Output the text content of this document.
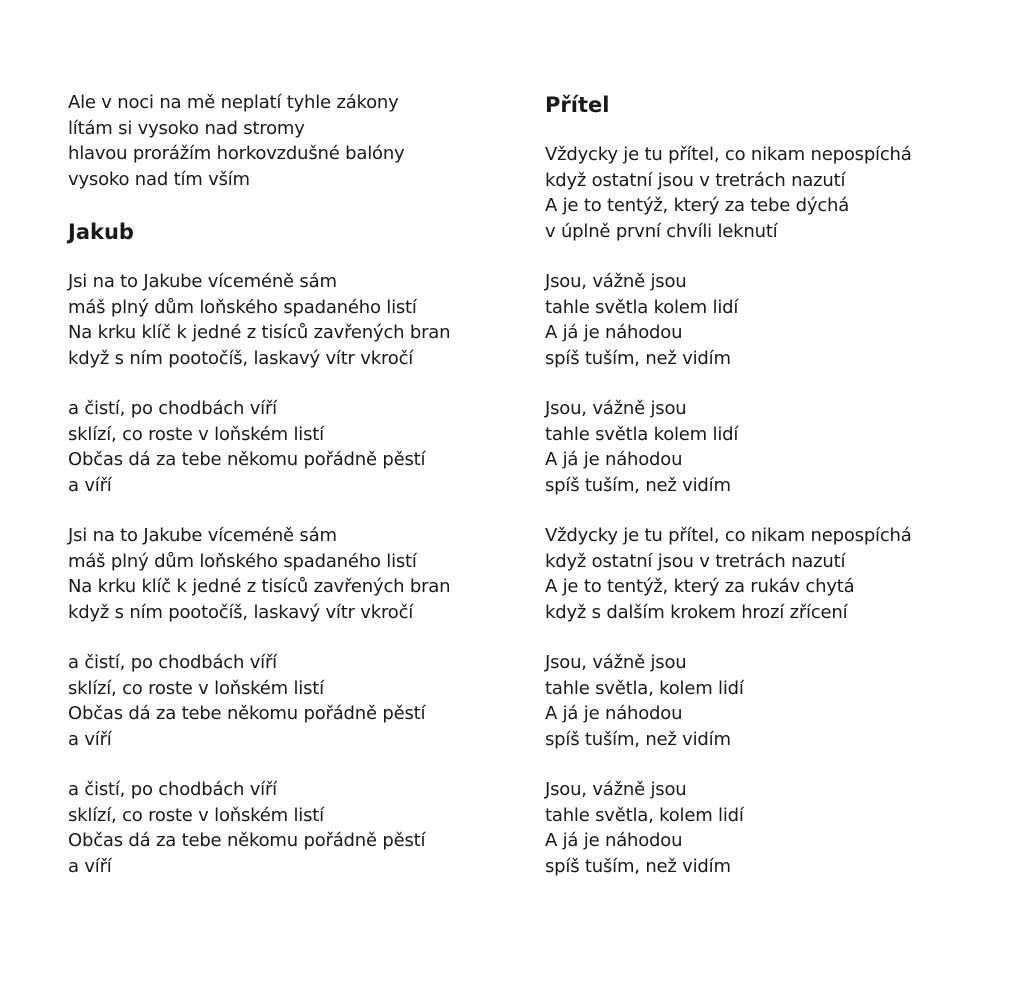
Ale v noci na mě neplatí tyhle zákony
lítám si vysoko nad stromy
hlavou prorážím horkovzdušné balóny
vysoko nad tím vším
Jakub
Jsi na to Jakube víceméně sám
máš plný dům loňského spadaného listí
Na krku klíč k jedné z tisíců zavřených bran
když s ním pootočíš, laskavý vítr vkročí
a čistí, po chodbách víří
sklízí, co roste v loňském listí
Občas dá za tebe někomu pořádně pěstí
a víří
Jsi na to Jakube víceméně sám
máš plný dům loňského spadaného listí
Na krku klíč k jedné z tisíců zavřených bran
když s ním pootočíš, laskavý vítr vkročí
a čistí, po chodbách víří
sklízí, co roste v loňském listí
Občas dá za tebe někomu pořádně pěstí
a víří
a čistí, po chodbách víří
sklízí, co roste v loňském listí
Občas dá za tebe někomu pořádně pěstí
a víří
Přítel
Vždycky je tu přítel, co nikam nepospíchá
když ostatní jsou v tretrách nazutí
A je to tentýž, který za tebe dýchá
v úplně první chvíli leknutí
Jsou, vážně jsou
tahle světla kolem lidí
A já je náhodou
spíš tuším, než vidím
Jsou, vážně jsou
tahle světla kolem lidí
A já je náhodou
spíš tuším, než vidím
Vždycky je tu přítel, co nikam nepospíchá
když ostatní jsou v tretrách nazutí
A je to tentýž, který za rukáv chytá
když s dalším krokem hrozí zřícení
Jsou, vážně jsou
tahle světla, kolem lidí
A já je náhodou
spíš tuším, než vidím
Jsou, vážně jsou
tahle světla, kolem lidí
A já je náhodou
spíš tuším, než vidím
